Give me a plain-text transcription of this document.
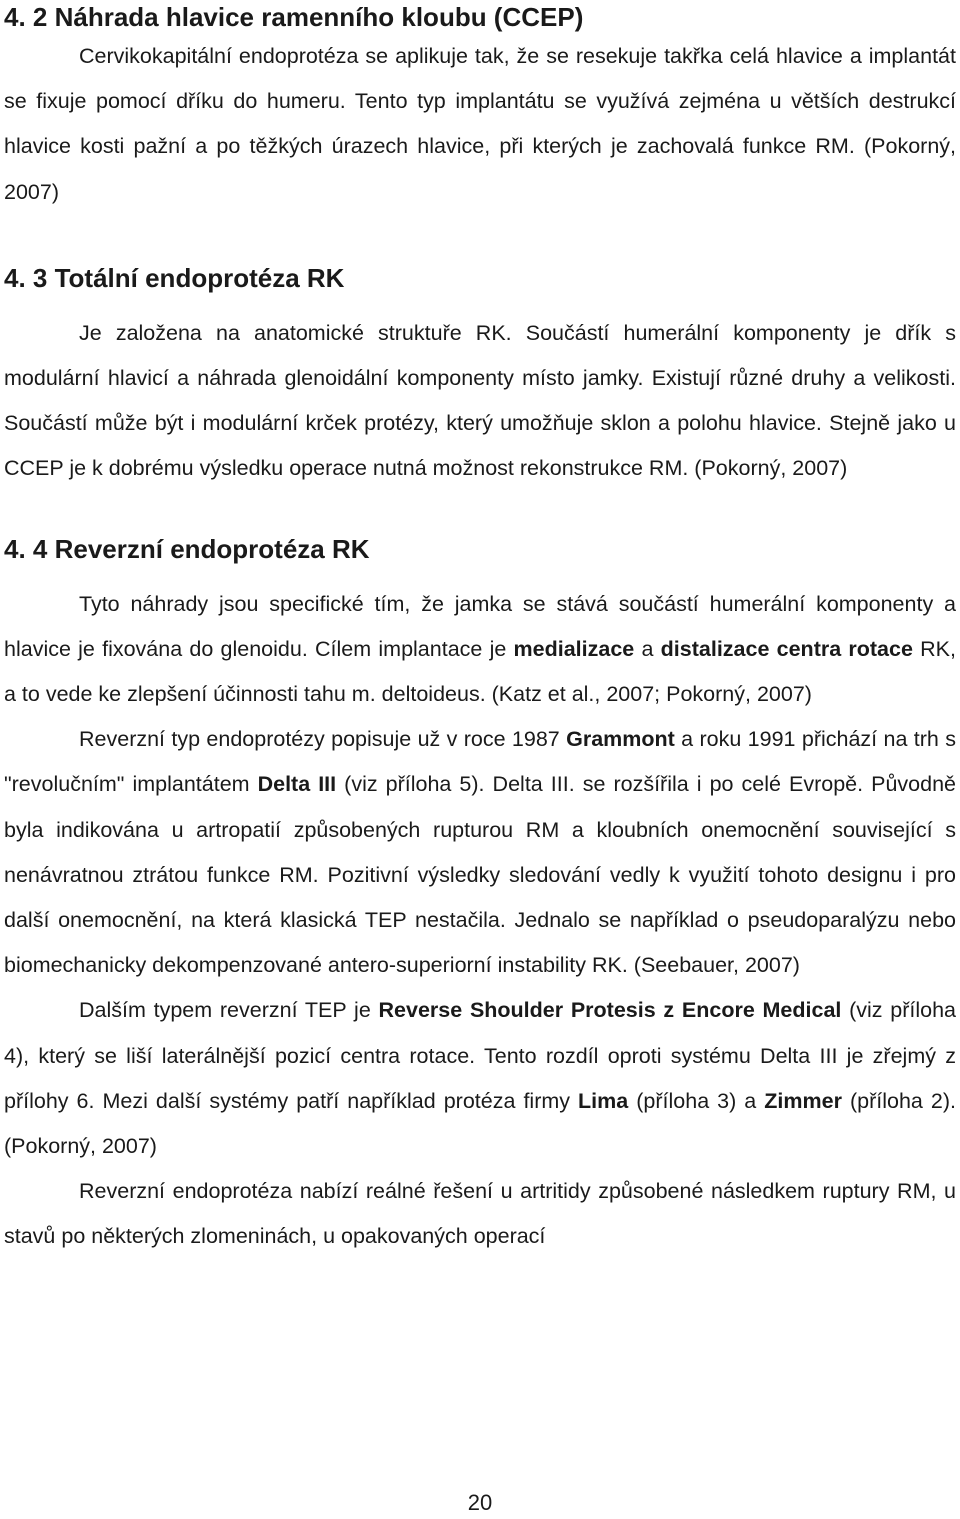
4. 2 Náhrada hlavice ramenního kloubu (CCEP)

Cervikokapitální endoprotéza se aplikuje tak, že se resekuje takřka celá hlavice a implantát se fixuje pomocí dříku do humeru. Tento typ implantátu se využívá zejména u větších destrukcí hlavice kosti pažní a po těžkých úrazech hlavice, při kterých je zachovalá funkce RM. (Pokorný, 2007)

4. 3 Totální endoprotéza RK

Je založena na anatomické struktuře RK. Součástí humerální komponenty je dřík s modulární hlavicí a náhrada glenoidální komponenty místo jamky. Existují různé druhy a velikosti. Součástí může být i modulární krček protézy, který umožňuje sklon a polohu hlavice. Stejně jako u CCEP je k dobrému výsledku operace nutná možnost rekonstrukce RM. (Pokorný, 2007)

4. 4 Reverzní endoprotéza RK

Tyto náhrady jsou specifické tím, že jamka se stává součástí humerální komponenty a hlavice je fixována do glenoidu. Cílem implantace je medializace a distalizace centra rotace RK, a to vede ke zlepšení účinnosti tahu m. deltoideus. (Katz et al., 2007; Pokorný, 2007)

Reverzní typ endoprotézy popisuje už v roce 1987 Grammont a roku 1991 přichází na trh s "revolučním" implantátem Delta III (viz příloha 5). Delta III. se rozšířila i po celé Evropě. Původně byla indikována u artropatií způsobených rupturou RM a kloubních onemocnění související s nenávratnou ztrátou funkce RM. Pozitivní výsledky sledování vedly k využití tohoto designu i pro další onemocnění, na která klasická TEP nestačila. Jednalo se například o pseudoparalýzu nebo biomechanicky dekompenzované antero-superiorní instability RK. (Seebauer, 2007)

Dalším typem reverzní TEP je Reverse Shoulder Protesis z Encore Medical (viz příloha 4), který se liší laterálnější pozicí centra rotace. Tento rozdíl oproti systému Delta III je zřejmý z přílohy 6. Mezi další systémy patří například protéza firmy Lima (příloha 3) a Zimmer (příloha 2). (Pokorný, 2007)

Reverzní endoprotéza nabízí reálné řešení u artritidy způsobené následkem ruptury RM, u stavů po některých zlomeninách, u opakovaných operací

20
